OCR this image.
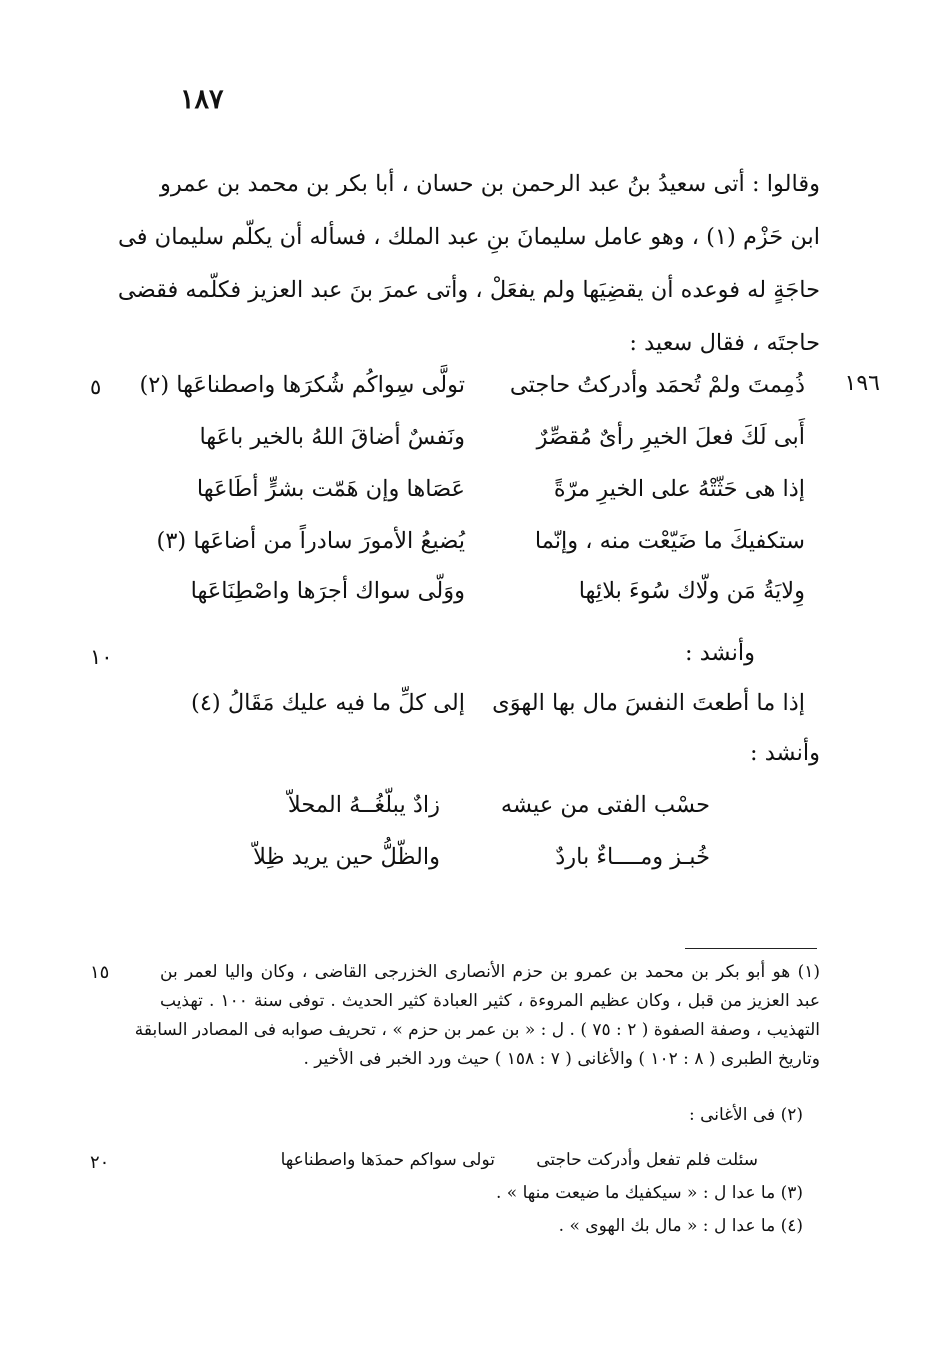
١٨٧
وقالوا : أتى سعيدُ بنُ عبد الرحمن بن حسان ، أبا بكر بن محمد بن عمرو
ابن حَزْم (١) ، وهو عامل سليمانَ بنِ عبد الملك ، فسأله أن يكلّم سليمان فى
حاجَةٍ له فوعده أن يقضِيَها ولم يفعَلْ ، وأتى عمرَ بنَ عبد العزيز فكلّمه فقضى
حاجتَه ، فقال سعيد :
١٩٦
٥	ذُمِمتَ ولمْ تُحمَد وأدركتُ حاجتى
تولَّى سِواكُم شُكرَها واصطناعَها (٢)
أَبى لَكَ فعلَ الخيرِ رأىٌ مُقصِّرٌ
ونَفسٌ أضاقَ اللهُ بالخير باعَها
إذا هى حَثّتْهُ على الخيرِ مرّةً
عَصَاها وإن هَمّت بشرٍّ أطَاعَها
ستكفيكَ ما ضَيّعْت منه ، وإنّما
يُضيعُ الأمورَ سادراً من أضاعَها (٣)
وِلايَةُ مَن ولّاك سُوءَ بلائِها
ووَلّى سواك أجرَها واصْطِنَاعَها
وأنشد :
١٠
إذا ما أطعتَ النفسَ مال بها الهوَى
إلى كلِّ ما فيه عليك مَقَالُ (٤)
وأنشد :
حسْب الفتى من عيشه
زادٌ يبلّغُــهُ المحلاّ
خُبـز ومــــاءٌ باردٌ
والظّلُّ حين يريد ظِلاّ
١٥	(١) هو أبو بكر بن محمد بن عمرو بن حزم الأنصارى الخزرجى القاضى ، وكان واليا لعمر بن
عبد العزيز من قبل ، وكان عظيم المروءة ، كثير العبادة كثير الحديث . توفى سنة ١٠٠ . تهذيب
التهذيب ، وصفة الصفوة ( ٢ : ٧٥ ) . ل : « بن عمر بن حزم » ، تحريف صوابه فى المصادر السابقة
وتاريخ الطبرى ( ٨ : ١٠٢ ) والأغانى ( ٧ : ١٥٨ ) حيث ورد الخبر فى الأخير .
(٢) فى الأغانى :
٢٠	سئلت فلم تفعل وأدركت حاجتى
تولى سواكم حمدَها واصطناعها
(٣) ما عدا ل : « سيكفيك ما ضيعت منها » .
(٤) ما عدا ل : « مال بك الهوى » .
